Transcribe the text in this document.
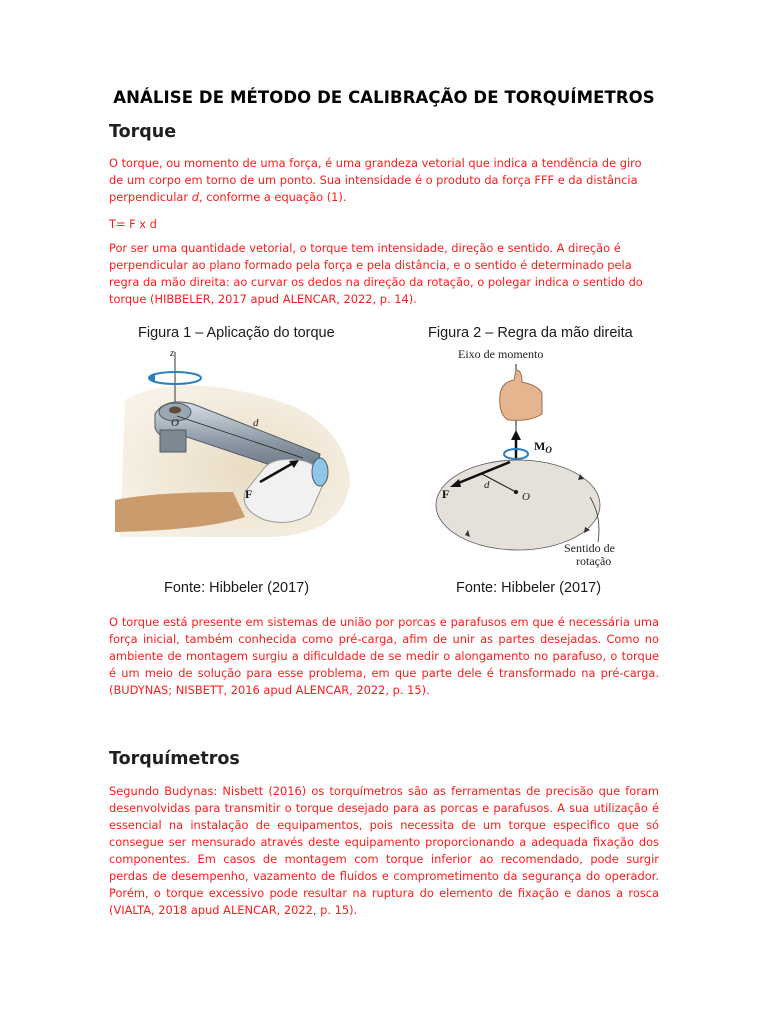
ANÁLISE DE MÉTODO DE CALIBRAÇÃO DE TORQUÍMETROS
Torque
O torque, ou momento de uma força, é uma grandeza vetorial que indica a tendência de giro
de um corpo em torno de um ponto. Sua intensidade é o produto da força FFF e da distância
perpendicular d, conforme a equação (1).
T= F x d
Por ser uma quantidade vetorial, o torque tem intensidade, direção e sentido. A direção é
perpendicular ao plano formado pela força e pela distância, e o sentido é determinado pela
regra da mão direita: ao curvar os dedos na direção da rotação, o polegar indica o sentido do
torque (HIBBELER, 2017 apud ALENCAR, 2022, p. 14).
Figura 1 – Aplicação do torque
z
O	d
F
Fonte: Hibbeler (2017)
Figura 2 – Regra da mão direita
Eixo de momento
$M_O$
d
F	O
Sentido de
rotação
Fonte: Hibbeler (2017)
O torque está presente em sistemas de união por porcas e parafusos em que é necessária uma
força inicial, também conhecida como pré-carga, afim de unir as partes desejadas. Como no
ambiente de montagem surgiu a dificuldade de se medir o alongamento no parafuso, o torque
é um meio de solução para esse problema, em que parte dele é transformado na pré-carga.
(BUDYNAS; NISBETT, 2016 apud ALENCAR, 2022, p. 15).
Torquímetros
Segundo Budynas: Nisbett (2016) os torquímetros são as ferramentas de precisão que foram
desenvolvidas para transmitir o torque desejado para as porcas e parafusos. A sua utilização é
essencial na instalação de equipamentos, pois necessita de um torque especifico que só
consegue ser mensurado através deste equipamento proporcionando a adequada fixação dos
componentes. Em casos de montagem com torque inferior ao recomendado, pode surgir
perdas de desempenho, vazamento de fluidos e comprometimento da segurança do operador.
Porém, o torque excessivo pode resultar na ruptura do elemento de fixação e danos a rosca
(VIALTA, 2018 apud ALENCAR, 2022, p. 15).
